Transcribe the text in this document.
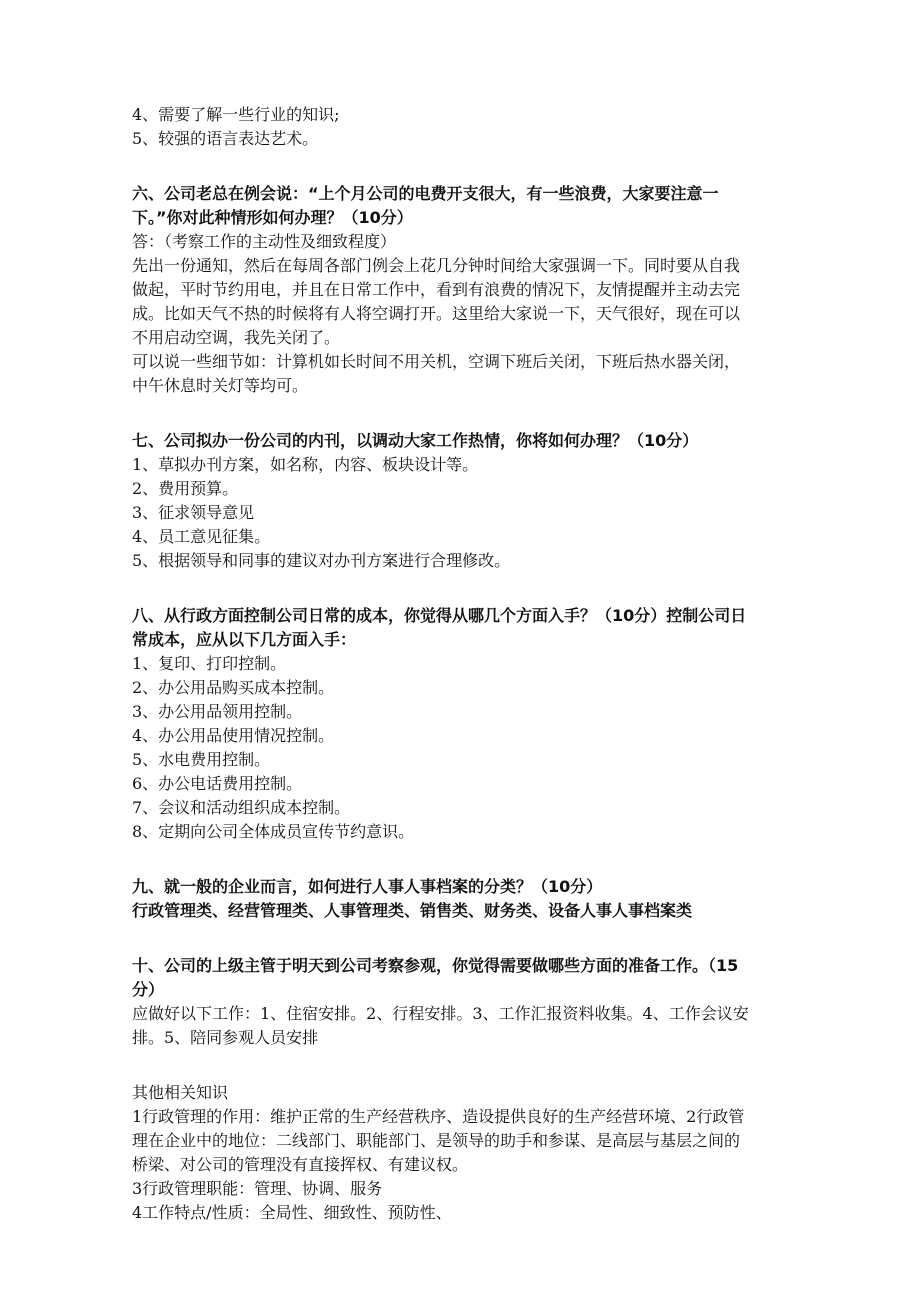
4、需要了解一些行业的知识;
5、较强的语言表达艺术。
六、公司老总在例会说：“上个月公司的电费开支很大，有一些浪费，大家要注意一
下。”你对此种情形如何办理？（10分）
答：（考察工作的主动性及细致程度）
先出一份通知，然后在每周各部门例会上花几分钟时间给大家强调一下。同时要从自我
做起，平时节约用电，并且在日常工作中，看到有浪费的情况下，友情提醒并主动去完
成。比如天气不热的时候将有人将空调打开。这里给大家说一下，天气很好，现在可以
不用启动空调，我先关闭了。
可以说一些细节如：计算机如长时间不用关机，空调下班后关闭，下班后热水器关闭，
中午休息时关灯等均可。
七、公司拟办一份公司的内刊，以调动大家工作热情，你将如何办理？（10分）
1、草拟办刊方案，如名称，内容、板块设计等。
2、费用预算。
3、征求领导意见
4、员工意见征集。
5、根据领导和同事的建议对办刊方案进行合理修改。
八、从行政方面控制公司日常的成本，你觉得从哪几个方面入手？（10分）控制公司日
常成本，应从以下几方面入手：
1、复印、打印控制。
2、办公用品购买成本控制。
3、办公用品领用控制。
4、办公用品使用情况控制。
5、水电费用控制。
6、办公电话费用控制。
7、会议和活动组织成本控制。
8、定期向公司全体成员宣传节约意识。
九、就一般的企业而言，如何进行人事人事档案的分类？（10分）
行政管理类、经营管理类、人事管理类、销售类、财务类、设备人事人事档案类
十、公司的上级主管于明天到公司考察参观，你觉得需要做哪些方面的准备工作。（15
分）
应做好以下工作：1、住宿安排。2、行程安排。3、工作汇报资料收集。4、工作会议安
排。5、陪同参观人员安排
其他相关知识
1行政管理的作用：维护正常的生产经营秩序、造设提供良好的生产经营环境、2行政管
理在企业中的地位：二线部门、职能部门、是领导的助手和参谋、是高层与基层之间的
桥梁、对公司的管理没有直接挥权、有建议权。
3行政管理职能：管理、协调、服务
4工作特点/性质：全局性、细致性、预防性、
